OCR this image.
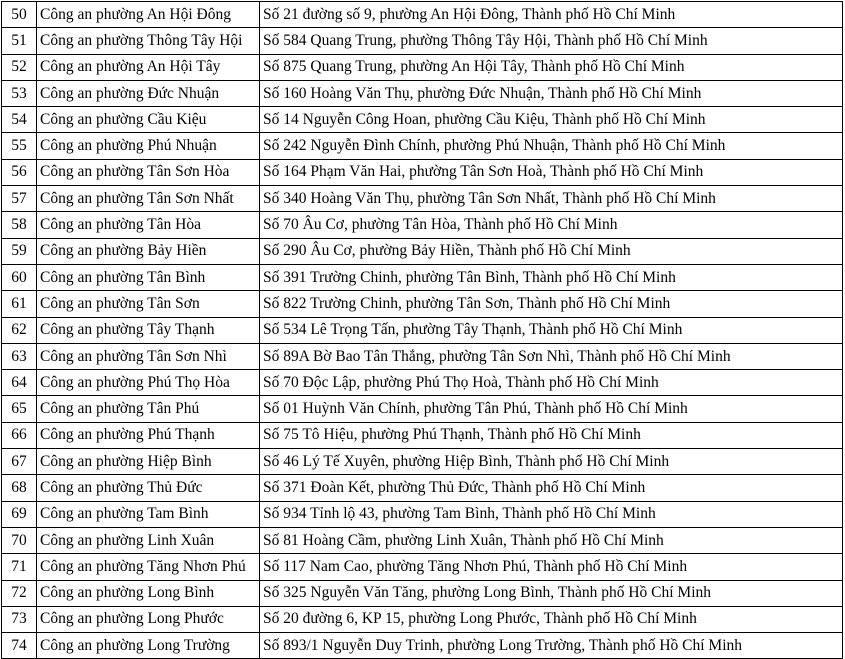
50	Công an phường An Hội Đông	Số 21 đường số 9, phường An Hội Đông, Thành phố Hồ Chí Minh
51	Công an phường Thông Tây Hội	Số 584 Quang Trung, phường Thông Tây Hội, Thành phố Hồ Chí Minh
52	Công an phường An Hội Tây	Số 875 Quang Trung, phường An Hội Tây, Thành phố Hồ Chí Minh
53	Công an phường Đức Nhuận	Số 160 Hoàng Văn Thụ, phường Đức Nhuận, Thành phố Hồ Chí Minh
54	Công an phường Cầu Kiệu	Số 14 Nguyễn Công Hoan, phường Cầu Kiệu, Thành phố Hồ Chí Minh
55	Công an phường Phú Nhuận	Số 242 Nguyễn Đình Chính, phường Phú Nhuận, Thành phố Hồ Chí Minh
56	Công an phường Tân Sơn Hòa	Số 164 Phạm Văn Hai, phường Tân Sơn Hoà, Thành phố Hồ Chí Minh
57	Công an phường Tân Sơn Nhất	Số 340 Hoàng Văn Thụ, phường Tân Sơn Nhất, Thành phố Hồ Chí Minh
58	Công an phường Tân Hòa	Số 70 Âu Cơ, phường Tân Hòa, Thành phố Hồ Chí Minh
59	Công an phường Bảy Hiền	Số 290 Âu Cơ, phường Bảy Hiền, Thành phố Hồ Chí Minh
60	Công an phường Tân Bình	Số 391 Trường Chinh, phường Tân Bình, Thành phố Hồ Chí Minh
61	Công an phường Tân Sơn	Số 822 Trường Chinh, phường Tân Sơn, Thành phố Hồ Chí Minh
62	Công an phường Tây Thạnh	Số 534 Lê Trọng Tấn, phường Tây Thạnh, Thành phố Hồ Chí Minh
63	Công an phường Tân Sơn Nhì	Số 89A Bờ Bao Tân Thắng, phường Tân Sơn Nhì, Thành phố Hồ Chí Minh
64	Công an phường Phú Thọ Hòa	Số 70 Độc Lập, phường Phú Thọ Hoà, Thành phố Hồ Chí Minh
65	Công an phường Tân Phú	Số 01 Huỳnh Văn Chính, phường Tân Phú, Thành phố Hồ Chí Minh
66	Công an phường Phú Thạnh	Số 75 Tô Hiệu, phường Phú Thạnh, Thành phố Hồ Chí Minh
67	Công an phường Hiệp Bình	Số 46 Lý Tế Xuyên, phường Hiệp Bình, Thành phố Hồ Chí Minh
68	Công an phường Thủ Đức	Số 371 Đoàn Kết, phường Thủ Đức, Thành phố Hồ Chí Minh
69	Công an phường Tam Bình	Số 934 Tỉnh lộ 43, phường Tam Bình, Thành phố Hồ Chí Minh
70	Công an phường Linh Xuân	Số 81 Hoàng Cầm, phường Linh Xuân, Thành phố Hồ Chí Minh
71	Công an phường Tăng Nhơn Phú	Số 117 Nam Cao, phường Tăng Nhơn Phú, Thành phố Hồ Chí Minh
72	Công an phường Long Bình	Số 325 Nguyễn Văn Tăng, phường Long Bình, Thành phố Hồ Chí Minh
73	Công an phường Long Phước	Số 20 đường 6, KP 15, phường Long Phước, Thành phố Hồ Chí Minh
74	Công an phường Long Trường	Số 893/1 Nguyễn Duy Trinh, phường Long Trường, Thành phố Hồ Chí Minh
